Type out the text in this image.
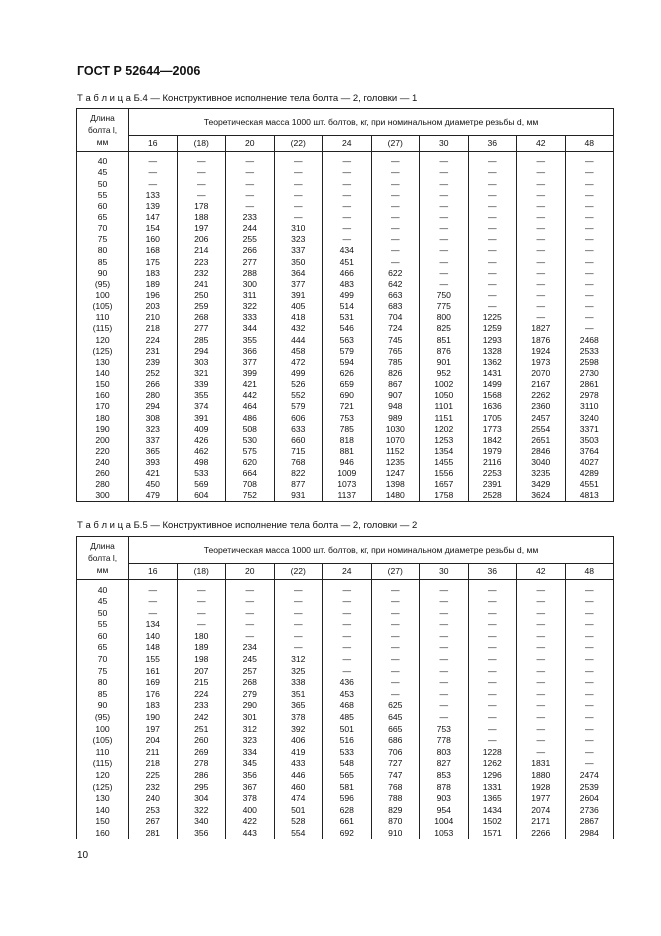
ГОСТ Р 52644—2006
Т а б л и ц а Б.4 — Конструктивное исполнение тела болта — 2, головки — 1
Длина
болта l,
мм	Теоретическая масса 1000 шт. болтов, кг, при номинальном диаметре резьбы d, мм									
	16	(18)	20	(22)	24	(27)	30	36	42	48
40	—	—	—	—	—	—	—	—	—	—
45	—	—	—	—	—	—	—	—	—	—
50	—	—	—	—	—	—	—	—	—	—
55	133	—	—	—	—	—	—	—	—	—
60	139	178	—	—	—	—	—	—	—	—
65	147	188	233	—	—	—	—	—	—	—
70	154	197	244	310	—	—	—	—	—	—
75	160	206	255	323	—	—	—	—	—	—
80	168	214	266	337	434	—	—	—	—	—
85	175	223	277	350	451	—	—	—	—	—
90	183	232	288	364	466	622	—	—	—	—
(95)	189	241	300	377	483	642	—	—	—	—
100	196	250	311	391	499	663	750	—	—	—
(105)	203	259	322	405	514	683	775	—	—	—
110	210	268	333	418	531	704	800	1225	—	—
(115)	218	277	344	432	546	724	825	1259	1827	—
120	224	285	355	444	563	745	851	1293	1876	2468
(125)	231	294	366	458	579	765	876	1328	1924	2533
130	239	303	377	472	594	785	901	1362	1973	2598
140	252	321	399	499	626	826	952	1431	2070	2730
150	266	339	421	526	659	867	1002	1499	2167	2861
160	280	355	442	552	690	907	1050	1568	2262	2978
170	294	374	464	579	721	948	1101	1636	2360	3110
180	308	391	486	606	753	989	1151	1705	2457	3240
190	323	409	508	633	785	1030	1202	1773	2554	3371
200	337	426	530	660	818	1070	1253	1842	2651	3503
220	365	462	575	715	881	1152	1354	1979	2846	3764
240	393	498	620	768	946	1235	1455	2116	3040	4027
260	421	533	664	822	1009	1247	1556	2253	3235	4289
280	450	569	708	877	1073	1398	1657	2391	3429	4551
300	479	604	752	931	1137	1480	1758	2528	3624	4813
Т а б л и ц а Б.5 — Конструктивное исполнение тела болта — 2, головки — 2
Длина
болта l,
мм	Теоретическая масса 1000 шт. болтов, кг, при номинальном диаметре резьбы d, мм									
	16	(18)	20	(22)	24	(27)	30	36	42	48
40	—	—	—	—	—	—	—	—	—	—
45	—	—	—	—	—	—	—	—	—	—
50	—	—	—	—	—	—	—	—	—	—
55	134	—	—	—	—	—	—	—	—	—
60	140	180	—	—	—	—	—	—	—	—
65	148	189	234	—	—	—	—	—	—	—
70	155	198	245	312	—	—	—	—	—	—
75	161	207	257	325	—	—	—	—	—	—
80	169	215	268	338	436	—	—	—	—	—
85	176	224	279	351	453	—	—	—	—	—
90	183	233	290	365	468	625	—	—	—	—
(95)	190	242	301	378	485	645	—	—	—	—
100	197	251	312	392	501	665	753	—	—	—
(105)	204	260	323	406	516	686	778	—	—	—
110	211	269	334	419	533	706	803	1228	—	—
(115)	218	278	345	433	548	727	827	1262	1831	—
120	225	286	356	446	565	747	853	1296	1880	2474
(125)	232	295	367	460	581	768	878	1331	1928	2539
130	240	304	378	474	596	788	903	1365	1977	2604
140	253	322	400	501	628	829	954	1434	2074	2736
150	267	340	422	528	661	870	1004	1502	2171	2867
160	281	356	443	554	692	910	1053	1571	2266	2984
10
